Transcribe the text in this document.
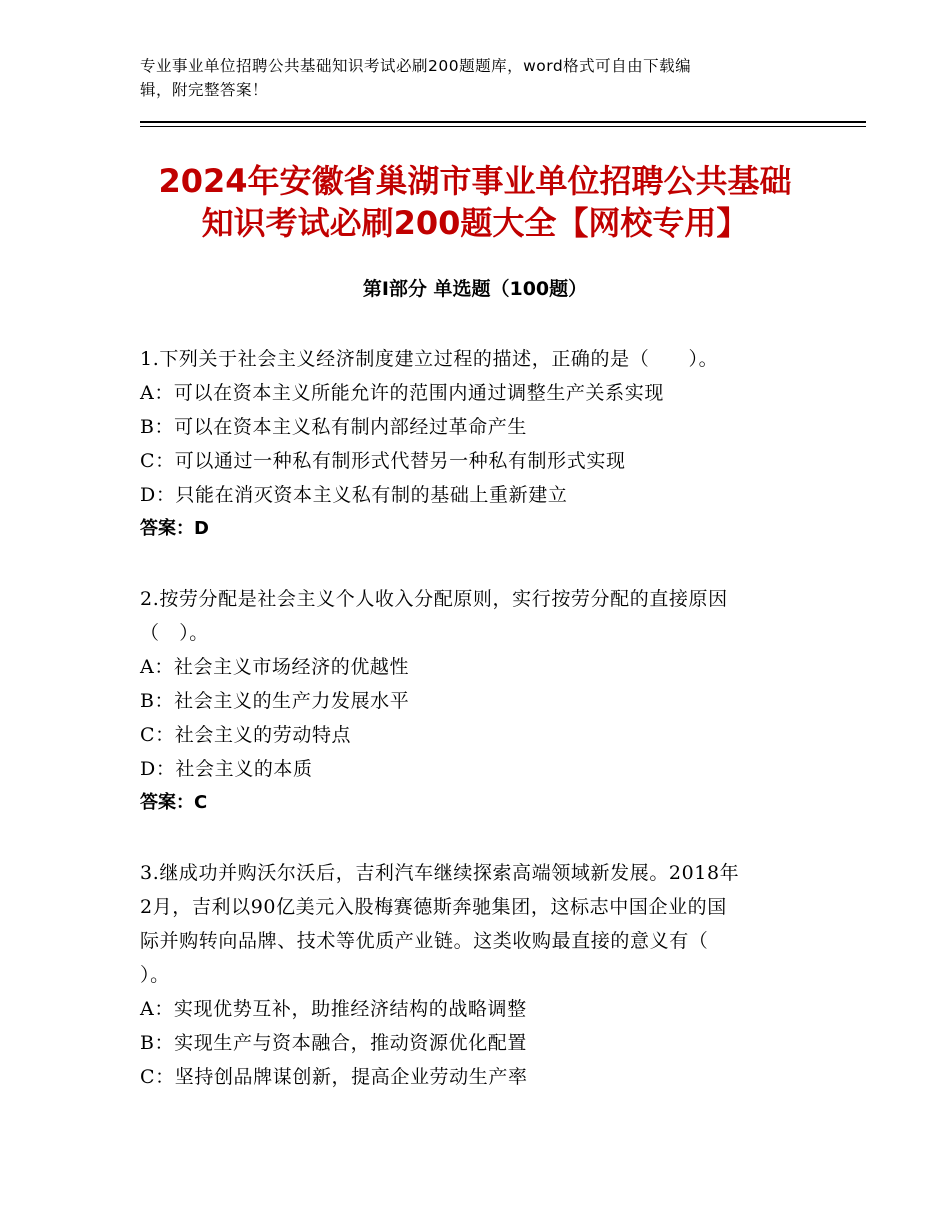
专业事业单位招聘公共基础知识考试必刷200题题库，word格式可自由下载编
辑，附完整答案！
2024年安徽省巢湖市事业单位招聘公共基础
知识考试必刷200题大全【网校专用】
第Ⅰ部分 单选题（100题）
1.下列关于社会主义经济制度建立过程的描述，正确的是（　　）。
A：可以在资本主义所能允许的范围内通过调整生产关系实现
B：可以在资本主义私有制内部经过革命产生
C：可以通过一种私有制形式代替另一种私有制形式实现
D：只能在消灭资本主义私有制的基础上重新建立
答案：D
2.按劳分配是社会主义个人收入分配原则，实行按劳分配的直接原因
（　）。
A：社会主义市场经济的优越性
B：社会主义的生产力发展水平
C：社会主义的劳动特点
D：社会主义的本质
答案：C
3.继成功并购沃尔沃后，吉利汽车继续探索高端领域新发展。2018年
2月，吉利以90亿美元入股梅赛德斯奔驰集团，这标志中国企业的国
际并购转向品牌、技术等优质产业链。这类收购最直接的意义有（
）。
A：实现优势互补，助推经济结构的战略调整
B：实现生产与资本融合，推动资源优化配置
C：坚持创品牌谋创新，提高企业劳动生产率
